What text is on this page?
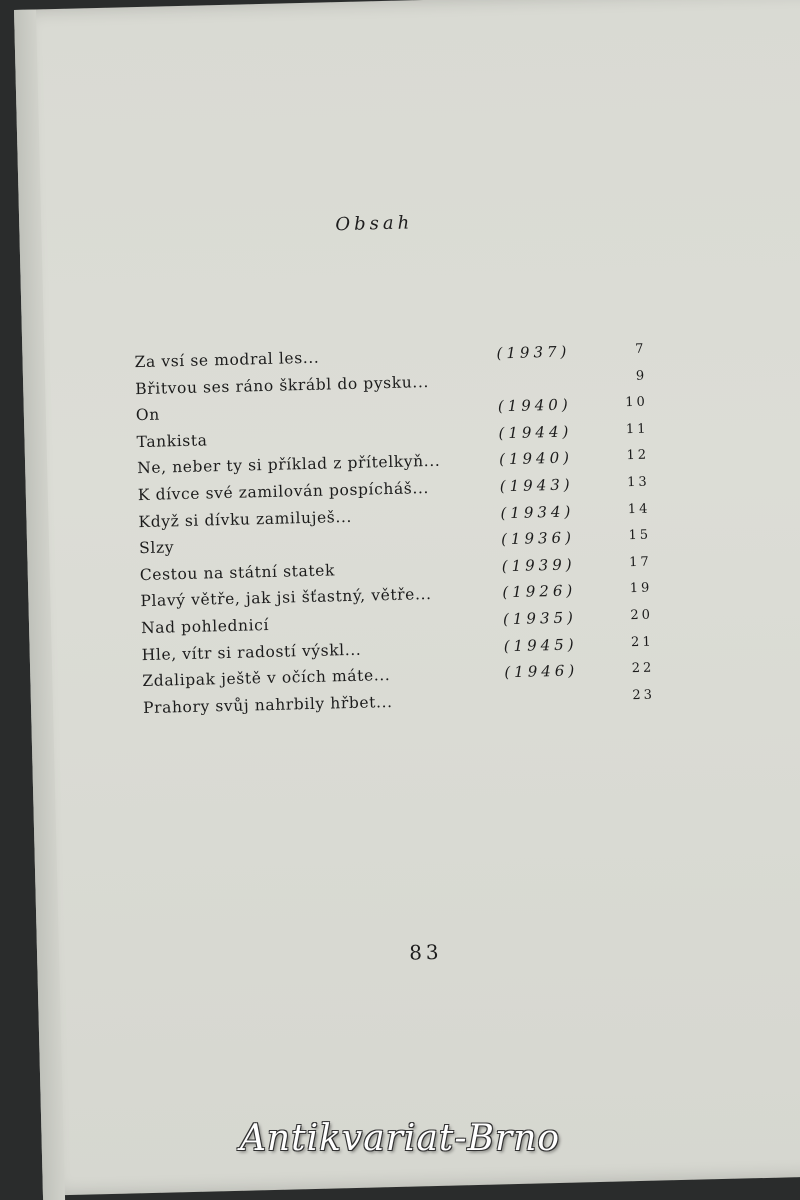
Obsah
Za vsí se modral les...	(1937)	7
Břitvou ses ráno škrábl do pysku...	9
On	(1940)	10
Tankista	(1944)	11
Ne, neber ty si příklad z přítelkyň...	(1940)	12
K dívce své zamilován pospícháš...	(1943)	13
Když si dívku zamiluješ...	(1934)	14
Slzy	(1936)	15
Cestou na státní statek	(1939)	17
Plavý větře, jak jsi šťastný, větře...	(1926)	19
Nad pohlednicí	(1935)	20
Hle, vítr si radostí výskl...	(1945)	21
Zdalipak ještě v očích máte...	(1946)	22
Prahory svůj nahrbily hřbet...	23
83
Antikvariat-Brno
